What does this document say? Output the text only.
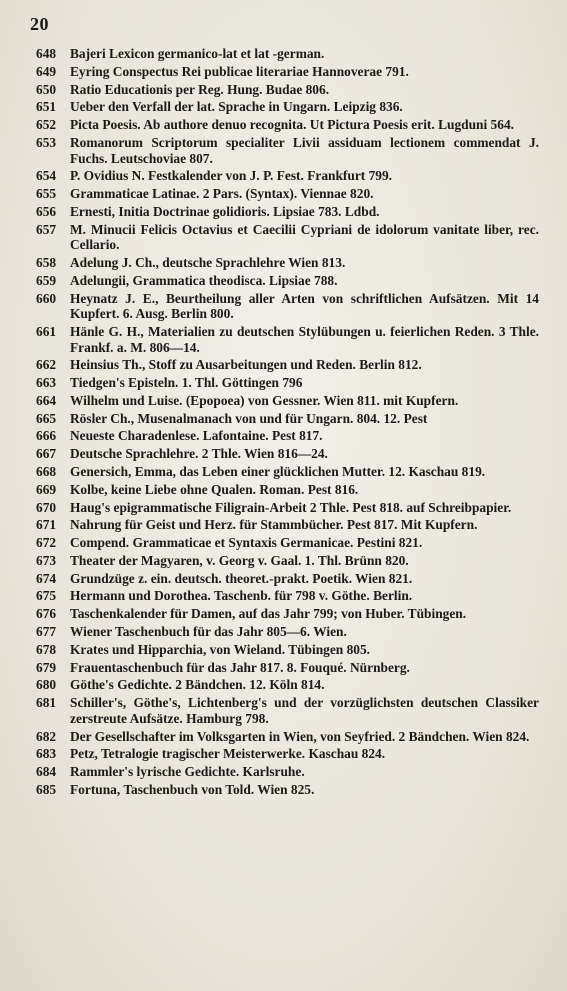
20
648	Bajeri Lexicon germanico-lat et lat -german.
649	Eyring Conspectus Rei publicae literariae Hannoverae 791.
650	Ratio Educationis per Reg. Hung. Budae 806.
651	Ueber den Verfall der lat. Sprache in Ungarn. Leipzig 836.
652	Picta Poesis. Ab authore denuo recognita. Ut Pictura Poesis erit. Lugduni 564.
653	Romanorum Scriptorum specialiter Livii assiduam lectionem commendat J. Fuchs. Leutschoviae 807.
654	P. Ovidius N. Festkalender von J. P. Fest. Frankfurt 799.
655	Grammaticae Latinae. 2 Pars. (Syntax). Viennae 820.
656	Ernesti, Initia Doctrinae golidioris. Lipsiae 783. Ldbd.
657	M. Minucii Felicis Octavius et Caecilii Cypriani de idolorum vanitate liber, rec. Cellario.
658	Adelung J. Ch., deutsche Sprachlehre Wien 813.
659	Adelungii, Grammatica theodisca. Lipsiae 788.
660	Heynatz J. E., Beurtheilung aller Arten von schriftlichen Aufsätzen. Mit 14 Kupfert. 6. Ausg. Berlin 800.
661	Hänle G. H., Materialien zu deutschen Stylübungen u. feierlichen Reden. 3 Thle. Frankf. a. M. 806—14.
662	Heinsius Th., Stoff zu Ausarbeitungen und Reden. Berlin 812.
663	Tiedgen's Episteln. 1. Thl. Göttingen 796
664	Wilhelm und Luise. (Epopoea) von Gessner. Wien 811. mit Kupfern.
665	Rösler Ch., Musenalmanach von und für Ungarn. 804. 12. Pest
666	Neueste Charadenlese. Lafontaine. Pest 817.
667	Deutsche Sprachlehre. 2 Thle. Wien 816—24.
668	Genersich, Emma, das Leben einer glücklichen Mutter. 12. Kaschau 819.
669	Kolbe, keine Liebe ohne Qualen. Roman. Pest 816.
670	Haug's epigrammatische Filigrain-Arbeit 2 Thle. Pest 818. auf Schreibpapier.
671	Nahrung für Geist und Herz. für Stammbücher. Pest 817. Mit Kupfern.
672	Compend. Grammaticae et Syntaxis Germanicae. Pestini 821.
673	Theater der Magyaren, v. Georg v. Gaal. 1. Thl. Brünn 820.
674	Grundzüge z. ein. deutsch. theoret.-prakt. Poetik. Wien 821.
675	Hermann und Dorothea. Taschenb. für 798 v. Göthe. Berlin.
676	Taschenkalender für Damen, auf das Jahr 799; von Huber. Tübingen.
677	Wiener Taschenbuch für das Jahr 805—6. Wien.
678	Krates und Hipparchia, von Wieland. Tübingen 805.
679	Frauentaschenbuch für das Jahr 817. 8. Fouqué. Nürnberg.
680	Göthe's Gedichte. 2 Bändchen. 12. Köln 814.
681	Schiller's, Göthe's, Lichtenberg's und der vorzüglichsten deutschen Classiker zerstreute Aufsätze. Hamburg 798.
682	Der Gesellschafter im Volksgarten in Wien, von Seyfried. 2 Bändchen. Wien 824.
683	Petz, Tetralogie tragischer Meisterwerke. Kaschau 824.
684	Rammler's lyrische Gedichte. Karlsruhe.
685	Fortuna, Taschenbuch von Told. Wien 825.
